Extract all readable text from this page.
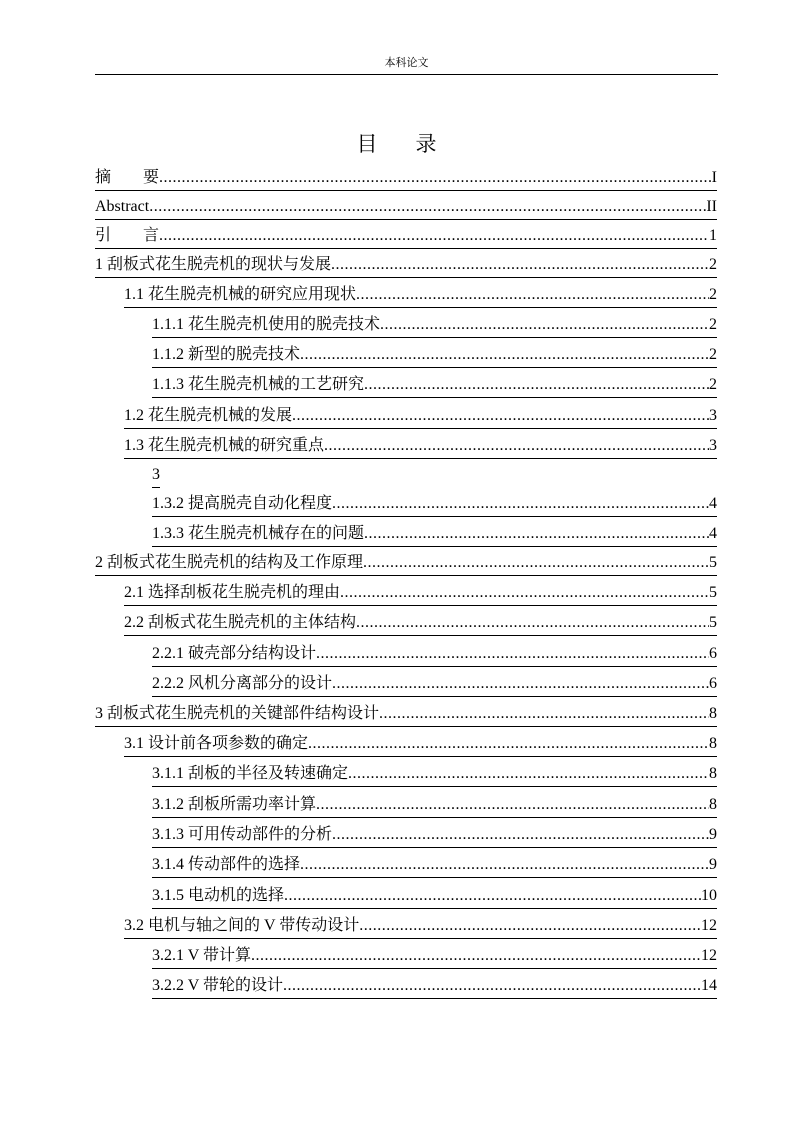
本科论文
目 录
摘　　要 .....	I
Abstract .....	II
引　　言 .....	1
1 刮板式花生脱壳机的现状与发展 .....	2
1.1 花生脱壳机械的研究应用现状 .....	2
1.1.1 花生脱壳机使用的脱壳技术 .....	2
1.1.2 新型的脱壳技术 .....	2
1.1.3 花生脱壳机械的工艺研究 .....	2
1.2 花生脱壳机械的发展 .....	3
1.3 花生脱壳机械的研究重点 .....	3
3
1.3.2 提高脱壳自动化程度 .....	4
1.3.3 花生脱壳机械存在的问题 .....	4
2 刮板式花生脱壳机的结构及工作原理 .....	5
2.1 选择刮板花生脱壳机的理由 .....	5
2.2 刮板式花生脱壳机的主体结构 .....	5
2.2.1 破壳部分结构设计 .....	6
2.2.2 风机分离部分的设计 .....	6
3 刮板式花生脱壳机的关键部件结构设计 .....	8
3.1 设计前各项参数的确定 .....	8
3.1.1 刮板的半径及转速确定 .....	8
3.1.2 刮板所需功率计算 .....	8
3.1.3 可用传动部件的分析 .....	9
3.1.4 传动部件的选择 .....	9
3.1.5 电动机的选择 .....	10
3.2 电机与轴之间的 V 带传动设计 .....	12
3.2.1 V 带计算 .....	12
3.2.2 V 带轮的设计 .....	14
